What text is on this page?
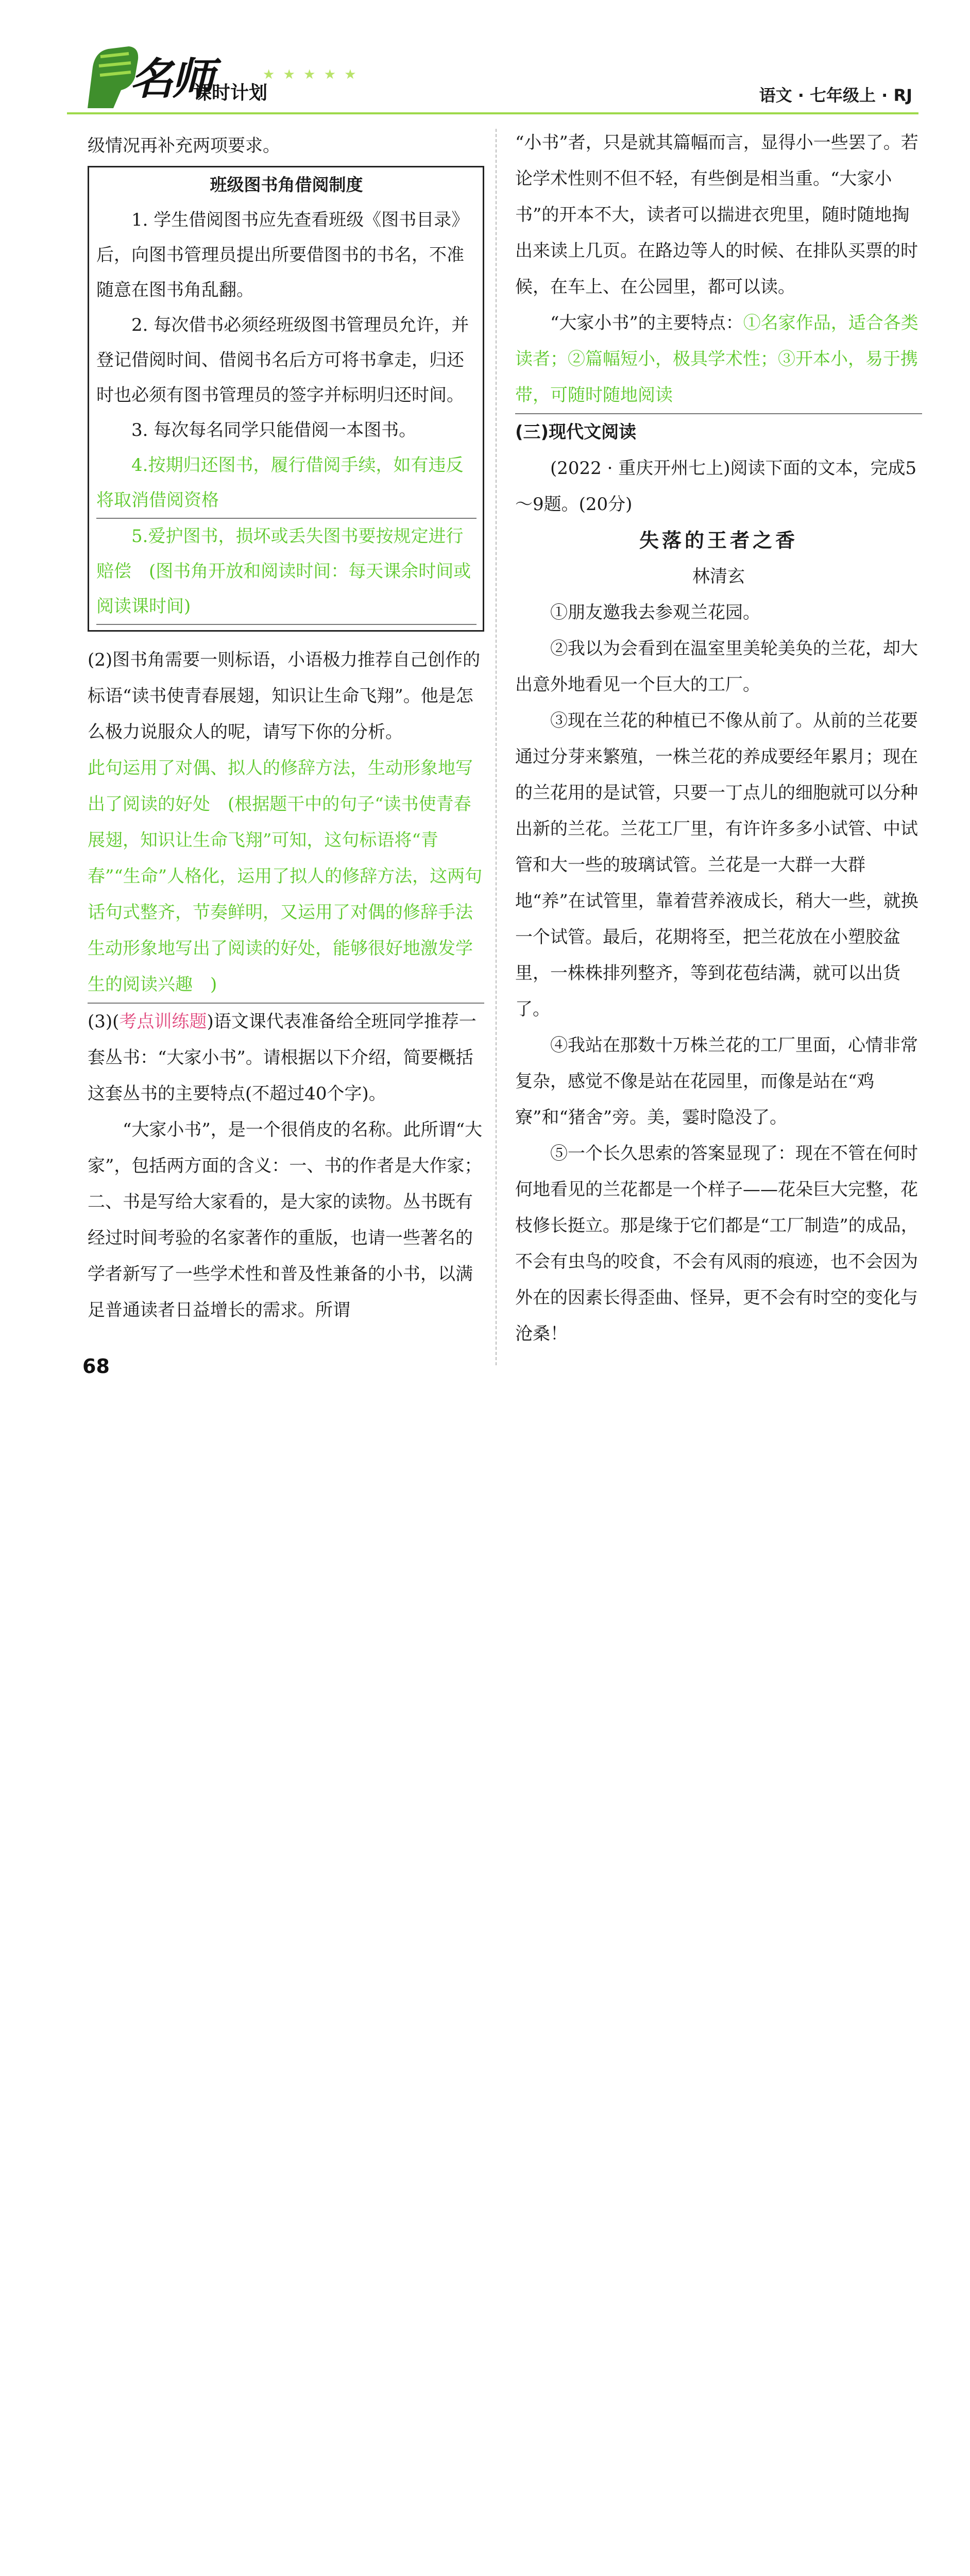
名师
课时计划
★ ★ ★ ★ ★
语文 · 七年级上 · RJ

级情况再补充两项要求。

班级图书角借阅制度

1. 学生借阅图书应先查看班级《图书目录》后，向图书管理员提出所要借图书的书名，不准随意在图书角乱翻。

2. 每次借书必须经班级图书管理员允许，并登记借阅时间、借阅书名后方可将书拿走，归还时也必须有图书管理员的签字并标明归还时间。

3. 每次每名同学只能借阅一本图书。

4.按期归还图书，履行借阅手续，如有违反将取消借阅资格

5.爱护图书，损坏或丢失图书要按规定进行赔偿　(图书角开放和阅读时间：每天课余时间或阅读课时间)

(2)图书角需要一则标语，小语极力推荐自己创作的标语“读书使青春展翅，知识让生命飞翔”。他是怎么极力说服众人的呢，请写下你的分析。

此句运用了对偶、拟人的修辞方法，生动形象地写出了阅读的好处　(根据题干中的句子“读书使青春展翅，知识让生命飞翔”可知，这句标语将“青春”“生命”人格化，运用了拟人的修辞方法，这两句话句式整齐，节奏鲜明，又运用了对偶的修辞手法　生动形象地写出了阅读的好处，能够很好地激发学生的阅读兴趣　)

(3)(考点训练题)语文课代表准备给全班同学推荐一套丛书：“大家小书”。请根据以下介绍，简要概括这套丛书的主要特点(不超过40个字)。

“大家小书”，是一个很俏皮的名称。此所谓“大家”，包括两方面的含义：一、书的作者是大作家；二、书是写给大家看的，是大家的读物。丛书既有经过时间考验的名家著作的重版，也请一些著名的学者新写了一些学术性和普及性兼备的小书，以满足普通读者日益增长的需求。所谓

“小书”者，只是就其篇幅而言，显得小一些罢了。若论学术性则不但不轻，有些倒是相当重。“大家小书”的开本不大，读者可以揣进衣兜里，随时随地掏出来读上几页。在路边等人的时候、在排队买票的时候，在车上、在公园里，都可以读。

“大家小书”的主要特点：①名家作品，适合各类读者；②篇幅短小，极具学术性；③开本小，易于携带，可随时随地阅读

(三)现代文阅读

(2022 · 重庆开州七上)阅读下面的文本，完成5～9题。(20分)

失落的王者之香

林清玄

①朋友邀我去参观兰花园。

②我以为会看到在温室里美轮美奂的兰花，却大出意外地看见一个巨大的工厂。

③现在兰花的种植已不像从前了。从前的兰花要通过分芽来繁殖，一株兰花的养成要经年累月；现在的兰花用的是试管，只要一丁点儿的细胞就可以分种出新的兰花。兰花工厂里，有许许多多小试管、中试管和大一些的玻璃试管。兰花是一大群一大群地“养”在试管里，靠着营养液成长，稍大一些，就换一个试管。最后，花期将至，把兰花放在小塑胶盆里，一株株排列整齐，等到花苞结满，就可以出货了。

④我站在那数十万株兰花的工厂里面，心情非常复杂，感觉不像是站在花园里，而像是站在“鸡寮”和“猪舍”旁。美，霎时隐没了。

⑤一个长久思索的答案显现了：现在不管在何时何地看见的兰花都是一个样子——花朵巨大完整，花枝修长挺立。那是缘于它们都是“工厂制造”的成品，不会有虫鸟的咬食，不会有风雨的痕迹，也不会因为外在的因素长得歪曲、怪异，更不会有时空的变化与沧桑！

68
